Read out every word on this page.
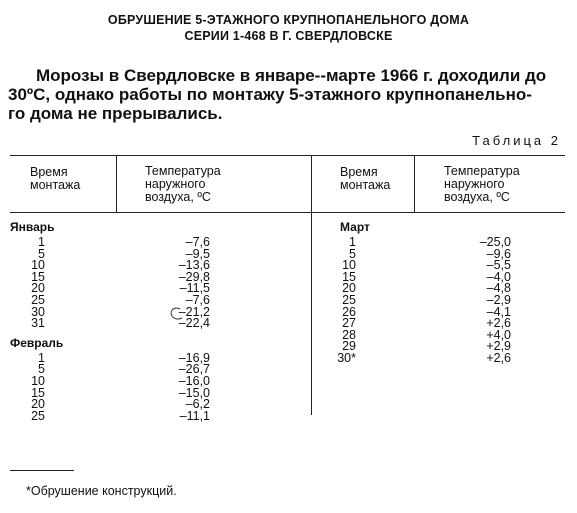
ОБРУШЕНИЕ 5-ЭТАЖНОГО КРУПНОПАНЕЛЬНОГО ДОМА
СЕРИИ 1-468 В Г. СВЕРДЛОВСКЕ
Морозы в Свердловске в январе--марте 1966 г. доходили до
30ºС, однако работы по монтажу 5-этажного крупнопанельно-
го дома не прерывались.
Таблица 2
Время
монтажа
Температура
наружного
воздуха, ºС
Время
монтажа
Температура
наружного
воздуха, ºС
Январь
1	–7,6
5	–9,5
10	–13,6
15	–29,8
20	–11,5
25	–7,6
30	–21,2
31	–22,4
Февраль
1	–16,9
5	–26,7
10	–16,0
15	–15,0
20	–6,2
25	–11,1
Март
1	–25,0
5	–9,6
10	–5,5
15	–4,0
20	–4,8
25	–2,9
26	–4,1
27	+2,6
28	+4,0
29	+2,9
30*	+2,6
*Обрушение конструкций.
